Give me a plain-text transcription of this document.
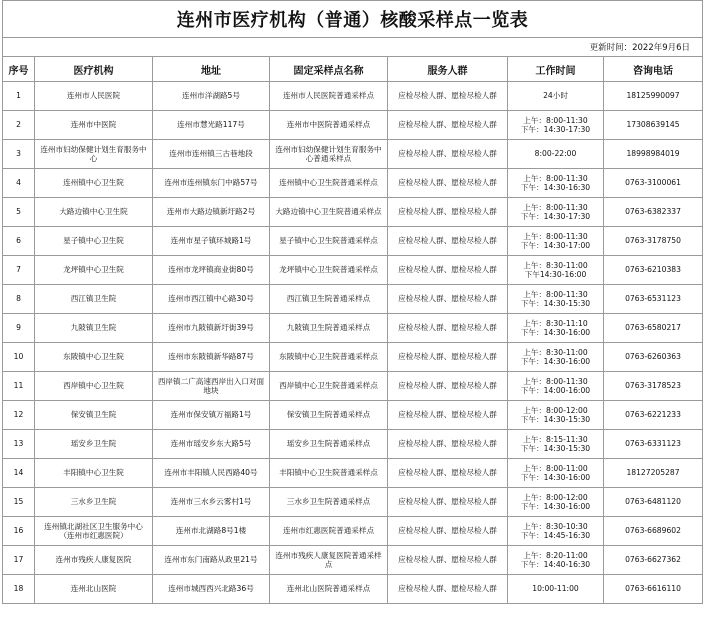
连州市医疗机构（普通）核酸采样点一览表						
更新时间：2022年9月6日						
序号	医疗机构	地址	固定采样点名称	服务人群	工作时间	咨询电话
1	连州市人民医院	连州市洋湖路5号	连州市人民医院普通采样点	应检尽检人群、愿检尽检人群	24小时	18125990097
2	连州市中医院	连州市慧光路117号	连州市中医院普通采样点	应检尽检人群、愿检尽检人群	上午：8:00-11:30
下午：14:30-17:30	17308639145
3	连州市妇幼保健计划生育服务中心	连州市连州镇三古巷地段	连州市妇幼保健计划生育服务中心普通采样点	应检尽检人群、愿检尽检人群	8:00-22:00	18998984019
4	连州镇中心卫生院	连州市连州镇东门中路57号	连州镇中心卫生院普通采样点	应检尽检人群、愿检尽检人群	上午：8:00-11:30
下午：14:30-16:30	0763-3100061
5	大路边镇中心卫生院	连州市大路边镇新圩路2号	大路边镇中心卫生院普通采样点	应检尽检人群、愿检尽检人群	上午：8:00-11:30
下午：14:30-17:30	0763-6382337
6	星子镇中心卫生院	连州市星子镇环城路1号	星子镇中心卫生院普通采样点	应检尽检人群、愿检尽检人群	上午：8:00-11:30
下午：14:30-17:00	0763-3178750
7	龙坪镇中心卫生院	连州市龙坪镇商业街80号	龙坪镇中心卫生院普通采样点	应检尽检人群、愿检尽检人群	上午：8:30-11:00
下午14:30-16:00	0763-6210383
8	西江镇卫生院	连州市西江镇中心路30号	西江镇卫生院普通采样点	应检尽检人群、愿检尽检人群	上午：8:00-11:30
下午：14:30-15:30	0763-6531123
9	九陂镇卫生院	连州市九陂镇新圩街39号	九陂镇卫生院普通采样点	应检尽检人群、愿检尽检人群	上午：8:30-11:10
下午：14:30-16:00	0763-6580217
10	东陂镇中心卫生院	连州市东陂镇新华路87号	东陂镇中心卫生院普通采样点	应检尽检人群、愿检尽检人群	上午：8:30-11:00
下午：14:30-16:00	0763-6260363
11	西岸镇中心卫生院	西岸镇二广高速西岸出入口对面地块	西岸镇中心卫生院普通采样点	应检尽检人群、愿检尽检人群	上午：8:00-11:30
下午：14:00-16:00	0763-3178523
12	保安镇卫生院	连州市保安镇万福路1号	保安镇卫生院普通采样点	应检尽检人群、愿检尽检人群	上午：8:00-12:00
下午：14:30-15:30	0763-6221233
13	瑶安乡卫生院	连州市瑶安乡东大路5号	瑶安乡卫生院普通采样点	应检尽检人群、愿检尽检人群	上午：8:15-11:30
下午：14:30-15:30	0763-6331123
14	丰阳镇中心卫生院	连州市丰阳镇人民西路40号	丰阳镇中心卫生院普通采样点	应检尽检人群、愿检尽检人群	上午：8:00-11:00
下午：14:30-16:00	18127205287
15	三水乡卫生院	连州市三水乡云雾村1号	三水乡卫生院普通采样点	应检尽检人群、愿检尽检人群	上午：8:00-12:00
下午：14:30-16:00	0763-6481120
16	连州镇北湖社区卫生服务中心（连州市红惠医院）	连州市北湖路8号1楼	连州市红惠医院普通采样点	应检尽检人群、愿检尽检人群	上午：8:30-10:30
下午：14:45-16:30	0763-6689602
17	连州市残疾人康复医院	连州市东门南路从政里21号	连州市残疾人康复医院普通采样点	应检尽检人群、愿检尽检人群	上午：8:20-11:00
下午：14:40-16:30	0763-6627362
18	连州北山医院	连州市城西西兴北路36号	连州北山医院普通采样点	应检尽检人群、愿检尽检人群	10:00-11:00	0763-6616110
